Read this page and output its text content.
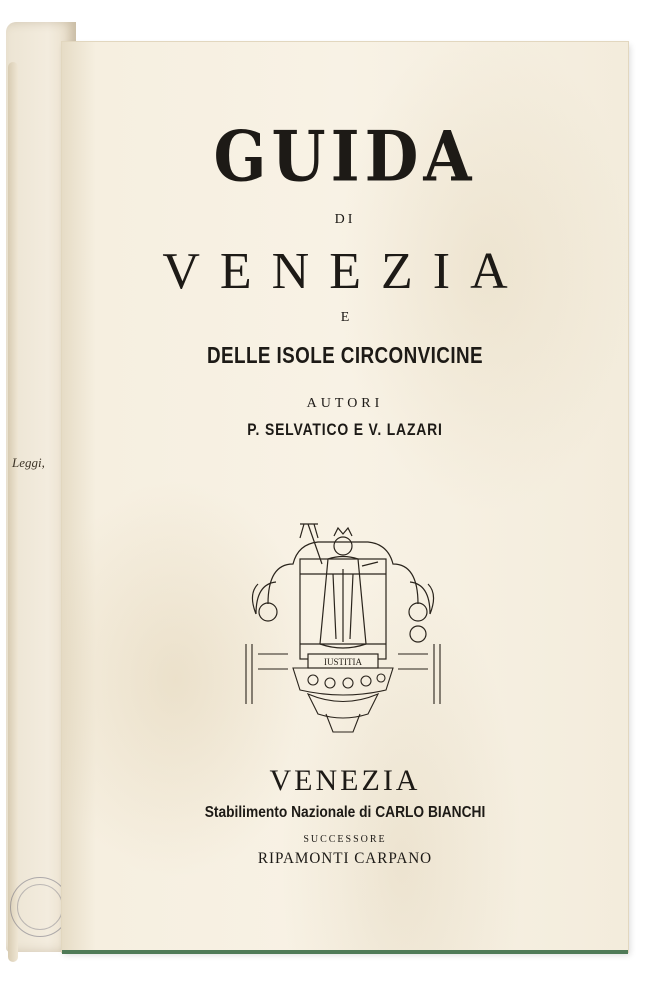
Leggi,
GUIDA
DI
VENEZIA
E
DELLE ISOLE CIRCONVICINE
AUTORI
P. SELVATICO E V. LAZARI
IUSTITIA
VENEZIA
Stabilimento Nazionale di CARLO BIANCHI
SUCCESSORE
RIPAMONTI CARPANO
